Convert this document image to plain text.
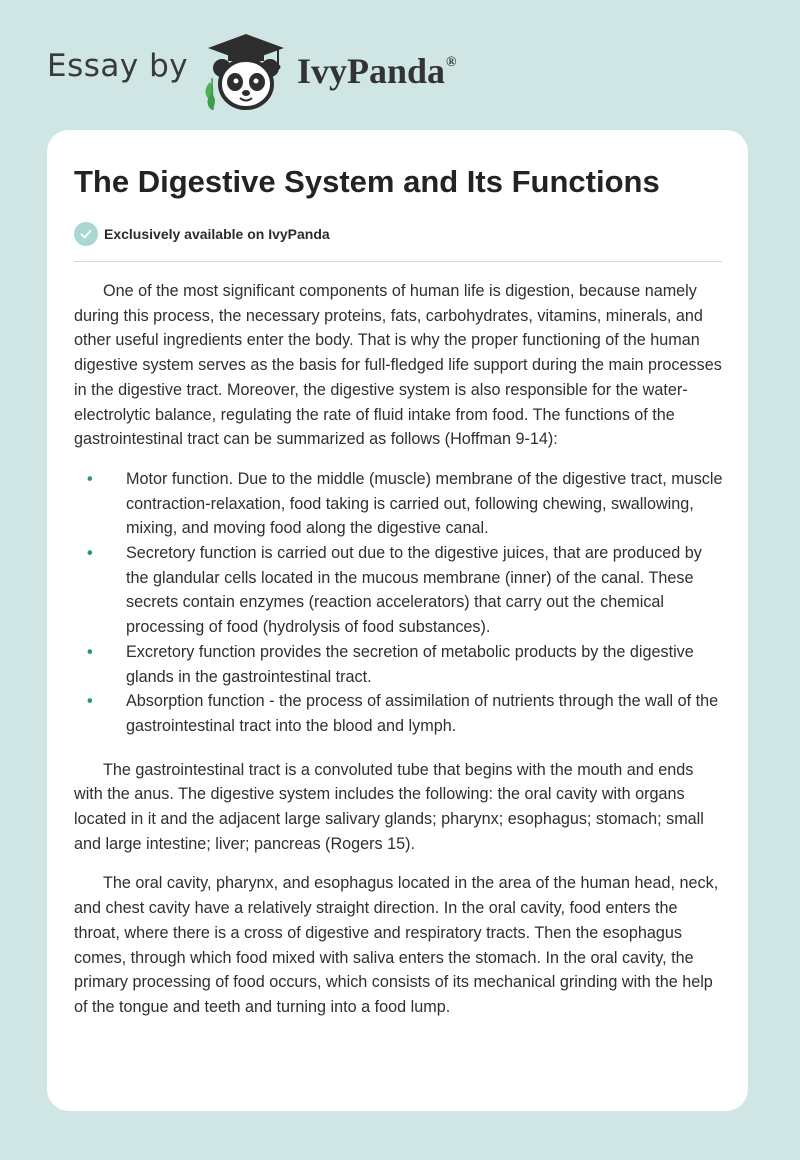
Essay by	IvyPanda®
The Digestive System and Its Functions
Exclusively available on IvyPanda

One of the most significant components of human life is digestion, because namely during this process, the necessary proteins, fats, carbohydrates, vitamins, minerals, and other useful ingredients enter the body. That is why the proper functioning of the human digestive system serves as the basis for full-fledged life support during the main processes in the digestive tract. Moreover, the digestive system is also responsible for the water-electrolytic balance, regulating the rate of fluid intake from food. The functions of the gastrointestinal tract can be summarized as follows (Hoffman 9-14):

• Motor function. Due to the middle (muscle) membrane of the digestive tract, muscle contraction-relaxation, food taking is carried out, following chewing, swallowing, mixing, and moving food along the digestive canal.
• Secretory function is carried out due to the digestive juices, that are produced by the glandular cells located in the mucous membrane (inner) of the canal. These secrets contain enzymes (reaction accelerators) that carry out the chemical processing of food (hydrolysis of food substances).
• Excretory function provides the secretion of metabolic products by the digestive glands in the gastrointestinal tract.
• Absorption function - the process of assimilation of nutrients through the wall of the gastrointestinal tract into the blood and lymph.

The gastrointestinal tract is a convoluted tube that begins with the mouth and ends with the anus. The digestive system includes the following: the oral cavity with organs located in it and the adjacent large salivary glands; pharynx; esophagus; stomach; small and large intestine; liver; pancreas (Rogers 15).

The oral cavity, pharynx, and esophagus located in the area of the human head, neck, and chest cavity have a relatively straight direction. In the oral cavity, food enters the throat, where there is a cross of digestive and respiratory tracts. Then the esophagus comes, through which food mixed with saliva enters the stomach. In the oral cavity, the primary processing of food occurs, which consists of its mechanical grinding with the help of the tongue and teeth and turning into a food lump.
